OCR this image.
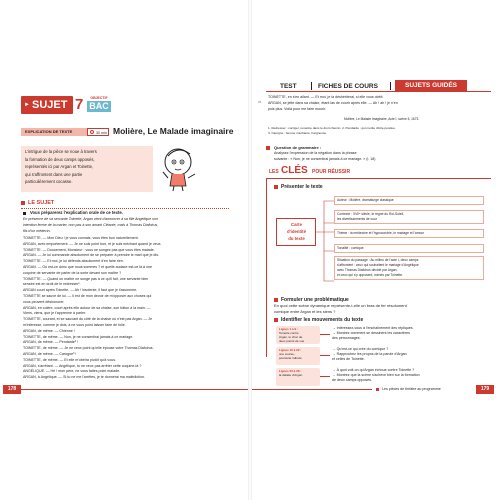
► SUJET 7	OBJECTIF
BAC
EXPLICATION DE TEXTE	30 min Molière, Le Malade imaginaire
L'intrigue de la pièce se noue à travers
la formation de deux camps opposés,
représentés ici par Argan et Toinette,
qui s'affrontent dans une partie
particulièrement cocasse.
LE SUJET
Vous préparerez l'explication orale de ce texte.
En présence de sa servante Toinette, Argan vient d'annoncer à sa fille Angélique son
intention ferme de la marier, non pas à son amant Cléante, mais à Thomas Diafoirus,
fils d'un médecin.
TOINETTE. — Mon Dieu ! je vous connais, vous êtes bon naturellement.
ARGAN, avec emportement. — Je ne suis point bon, et je suis méchant quand je veux.
TOINETTE. — Doucement, Monsieur : vous ne songez pas que vous êtes malade.
ARGAN. — Je lui commande absolument de se préparer à prendre le mari que je dis.
TOINETTE. — Et moi, je lui défends absolument d'en faire rien.
ARGAN. — Où est-ce donc que nous sommes ? et quelle audace est-ce là à une
coquine de servante de parler de la sorte devant son maître ?
TOINETTE. — Quand un maître ne songe pas à ce qu'il fait, une servante bien
sensée est en droit de le redresser¹.
ARGAN court après Toinette. — Ah ! insolente, il faut que je t'assomme.
TOINETTE se sauve de lui. — Il est de mon devoir de m'opposer aux choses qui
vous peuvent déshonorer.
ARGAN, en colère, court après elle autour de sa chaise, son bâton à la main. —
Viens, viens, que je t'apprenne à parler.
TOINETTE, courant, et se sauvant du côté de la chaise où n'est pas Argan. — Je
m'intéresse, comme je dois, à ne vous point laisser faire de folie.
ARGAN, de même. — Chienne !
TOINETTE, de même. — Non, je ne consentirai jamais à ce mariage.
ARGAN, de même. — Pendarde² !
TOINETTE, de même. — Je ne veux point qu'elle épouse votre Thomas Diafoirus.
ARGAN, de même. — Carogne³ !
TOINETTE, de même. — Et elle m'obéira plutôt qu'à vous.
ARGAN, s'arrêtant. — Angélique, tu ne veux pas arrêter cette coquine-là ?
ANGÉLIQUE. — Hé ! mon père, ne vous faites point malade.
ARGAN, à Angélique. — Si tu ne me l'arrêtes, je te donnerai ma malédiction.
178
TEST	FICHES DE COURS	SUJETS GUIDÉS
TOINETTE, en s'en allant. — Et moi, je la déshériterai, si elle vous obéit.
ARGAN, se jette dans sa chaise, étant las de courir après elle. — Ah ! ah ! je n'en
puis plus. Voilà pour me faire mourir.
25
Molière, Le Malade imaginaire, Acte I, scène 5, 1673.
1. Redresser : corriger, remettre dans le droit chemin. 2. Pendarde : qui mérite d'être pendue.
3. Carogne : femme méchante, hargneuse.
Question de grammaire :
Analysez l'expression de la négation dans la phrase
suivante : « Non, je ne consentirai jamais à ce mariage. » (l. 18)
LES CLÉS POUR RÉUSSIR
Présenter le texte
Carte
d'identité
du texte
Auteur : Molière, dramaturge classique
Contexte : XVIIᵉ siècle, le règne du Roi-Soleil,
les divertissements de cour
Thème : la médecine et l'hypocondrie, le mariage et l'amour
Tonalité : comique
Situation du passage : Au milieu de l'acte I, deux camps
s'affrontent : ceux qui souhaitent le mariage d'Angélique
avec Thomas Diafoirus décidé par Argan,
et ceux qui s'y opposent, menés par Toinette.
Formuler une problématique
En quoi cette scène dynamique représente-t-elle un bras de fer résolument
comique entre Argan et les siens ?
Identifier les mouvements du texte
Lignes 1 à 9 :
Toinette contre
Argan, le choc de
deux points de vue
→ Intéressez-vous à l'enchaînement des répliques.
→ Montrez comment se dessinent les caractères
des personnages.
Lignes 10 à 22 :
une course-
poursuite ridicule
→ Qu'est-ce qui crée du comique ?
→ Rapprochez les propos de la parole d'Argan
et celles de Toinette.
Lignes 23 à 28 :
la défaite d'Argan
→ À quoi voit-on qu'Argan échoue contre Toinette ?
→ Montrez que la scène s'achève bien sur la formation
de deux camps opposés.
Les pièces de théâtre au programme	179
